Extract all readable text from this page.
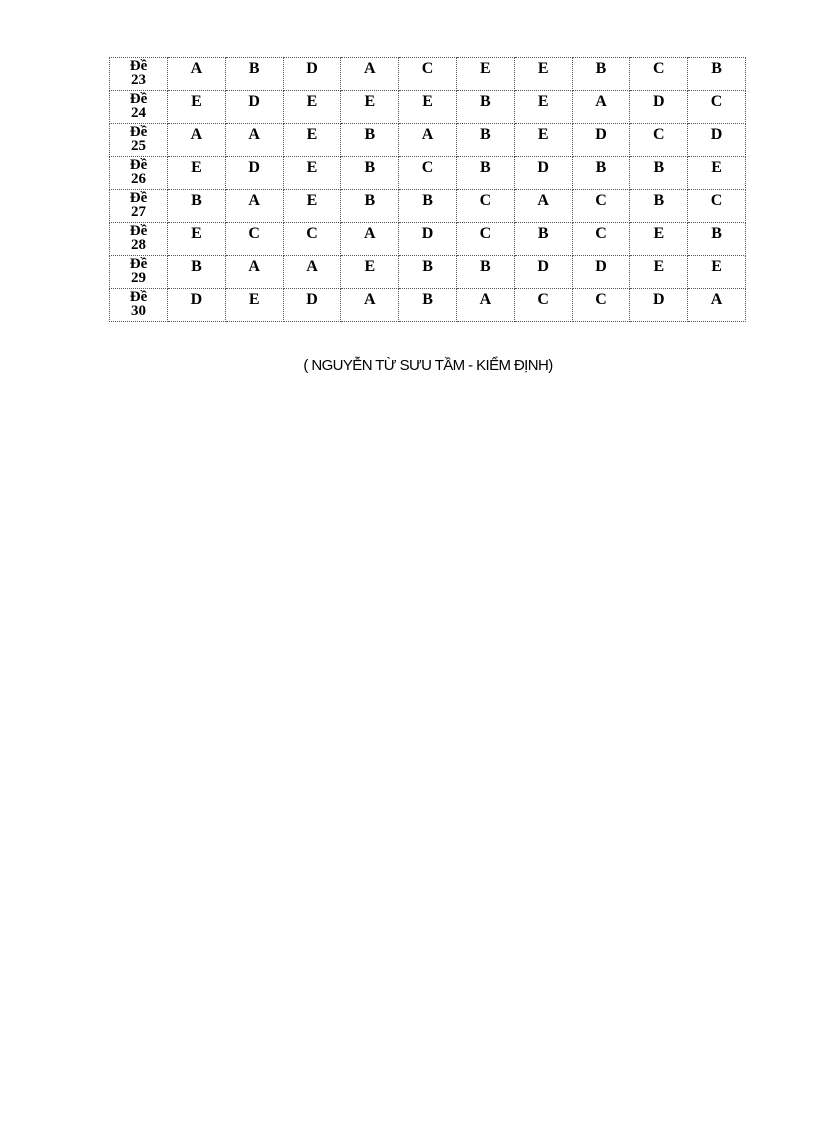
Đề
23	A	B	D	A	C	E	E	B	C	B

Đề
24	E	D	E	E	E	B	E	A	D	C

Đề
25	A	A	E	B	A	B	E	D	C	D

Đề
26	E	D	E	B	C	B	D	B	B	E

Đề
27	B	A	E	B	B	C	A	C	B	C

Đề
28	E	C	C	A	D	C	B	C	E	B

Đề
29	B	A	A	E	B	B	D	D	E	E

Đề
30	D	E	D	A	B	A	C	C	D	A
( NGUYỄN TỪ SƯU TẦM - KIỂM ĐỊNH)
